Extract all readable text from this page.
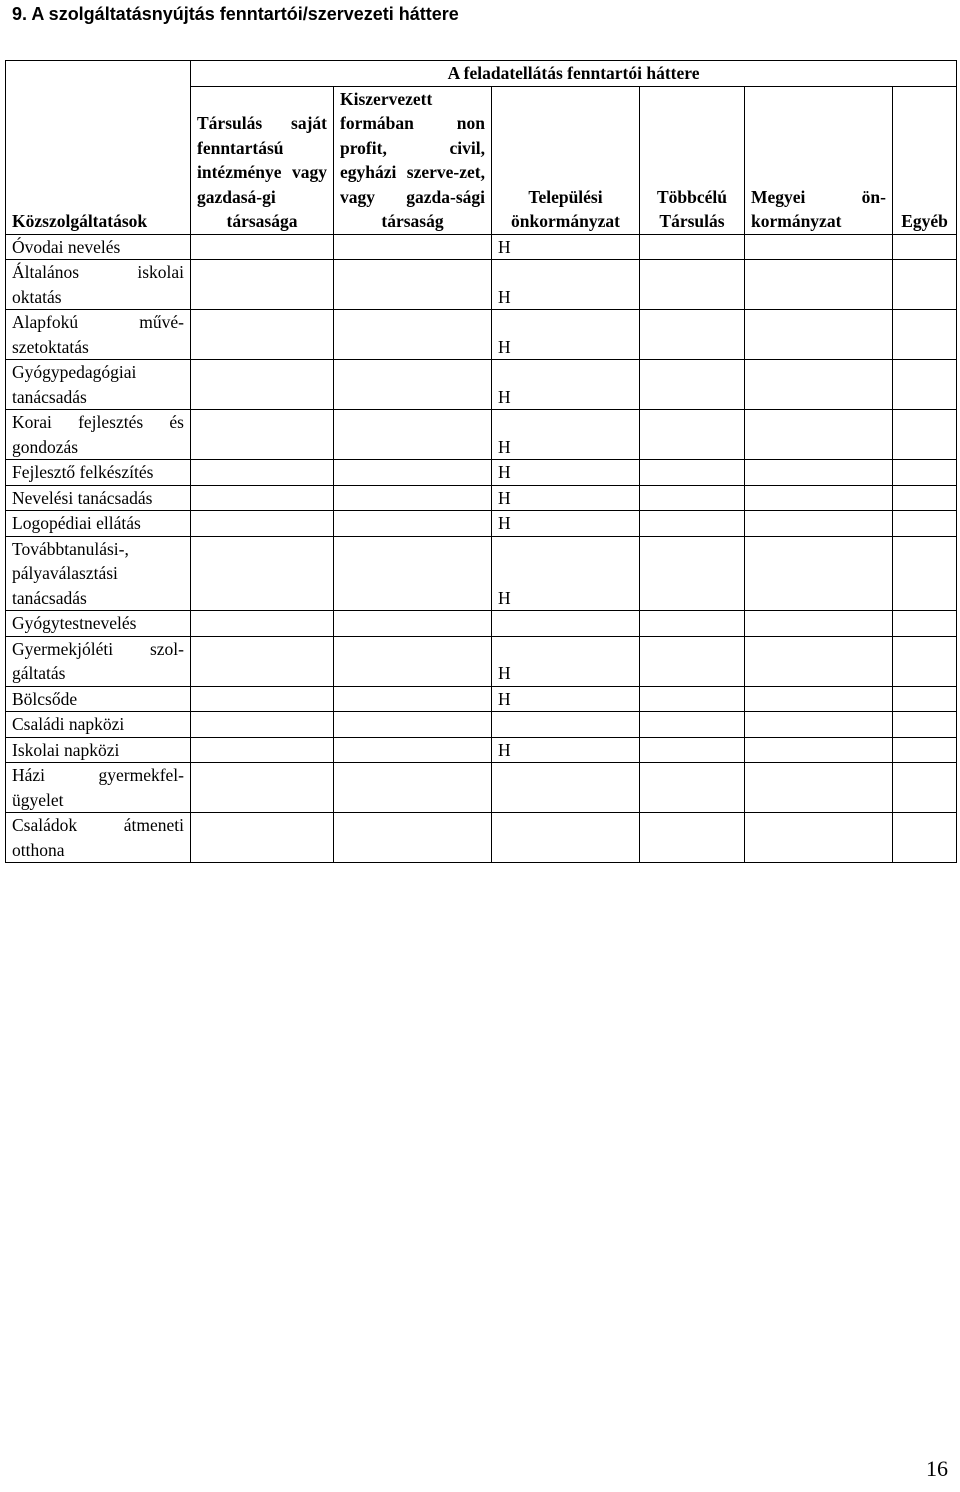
9. A szolgáltatásnyújtás fenntartói/szervezeti háttere
Közszolgáltatások	A feladatellátás fenntartói háttere					
	Társulás saját fenntartású intézménye vagy gazdasá-gi társasága	Kiszervezett formában non profit, civil, egyházi szerve-zet, vagy gazda-sági társaság	Települési önkormányzat	Többcélú Társulás	Megyei ön-kormányzat	Egyéb
Óvodai nevelés			H			
Általános iskolai oktatás			H			
Alapfokú művé-szetoktatás			H			
Gyógypedagógiai tanácsadás			H			
Korai fejlesztés és gondozás			H			
Fejlesztő felkészítés			H			
Nevelési tanácsadás			H			
Logopédiai ellátás			H			
Továbbtanulási-, pályaválasztási tanácsadás			H			
Gyógytestnevelés						
Gyermekjóléti szol-gáltatás			H			
Bölcsőde			H			
Családi napközi						
Iskolai napközi			H			
Házi gyermekfel-ügyelet						
Családok átmeneti otthona						
16
